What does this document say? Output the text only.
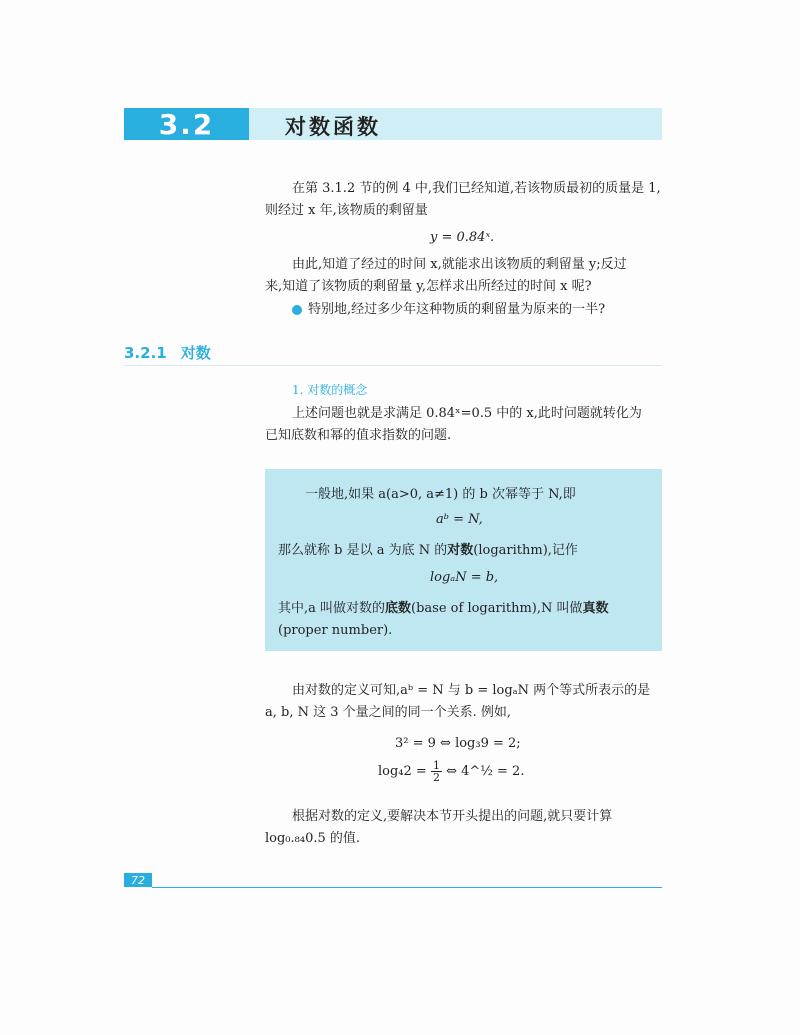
3.2	对数函数
在第 3.1.2 节的例 4 中,我们已经知道,若该物质最初的质量是 1,
则经过 x 年,该物质的剩留量
y = 0.84ˣ.
由此,知道了经过的时间 x,就能求出该物质的剩留量 y;反过
来,知道了该物质的剩留量 y,怎样求出所经过的时间 x 呢?
特别地,经过多少年这种物质的剩留量为原来的一半?
3.2.1 对数
1. 对数的概念
上述问题也就是求满足 0.84ˣ=0.5 中的 x,此时问题就转化为
已知底数和幂的值求指数的问题.
一般地,如果 a(a>0, a≠1) 的 b 次幂等于 N,即
aᵇ = N,
那么就称 b 是以 a 为底 N 的对数(logarithm),记作
logₐN = b,
其中,a 叫做对数的底数(base of logarithm),N 叫做真数
(proper number).
由对数的定义可知,aᵇ = N 与 b = logₐN 两个等式所表示的是
a, b, N 这 3 个量之间的同一个关系. 例如,
3² = 9 ⇔ log₃9 = 2;
$\log_42 = \frac{1}{2}$ ⇔ 4^½ = 2.
根据对数的定义,要解决本节开头提出的问题,就只要计算
log₀.₈₄0.5 的值.
72
